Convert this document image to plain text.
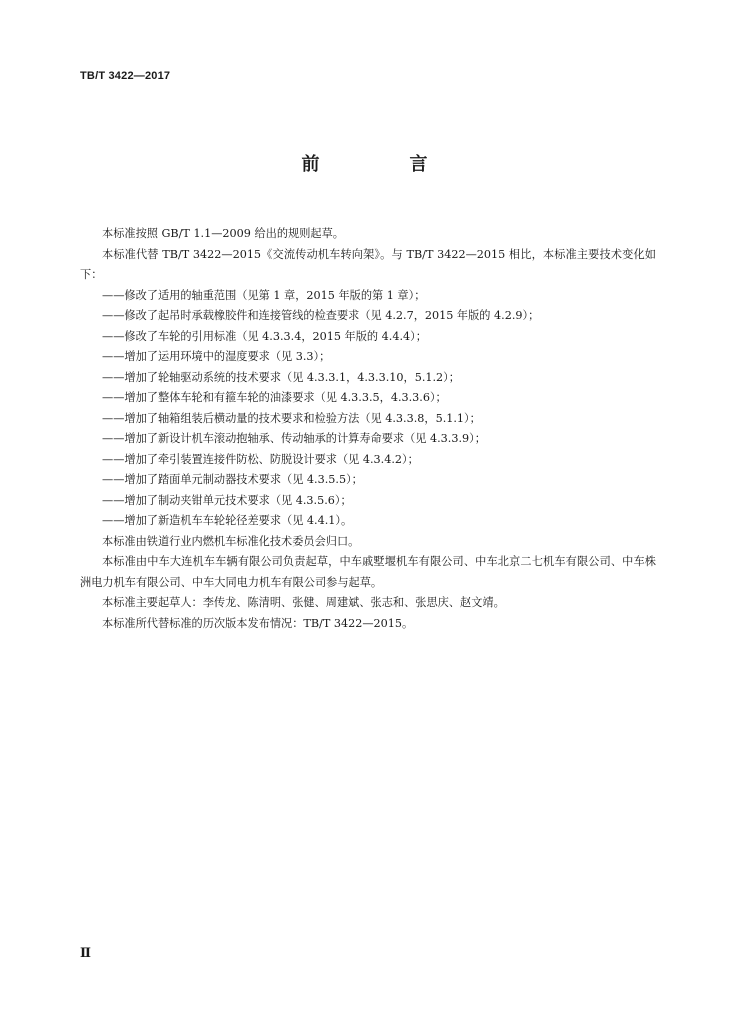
TB/T 3422—2017
前　言

本标准按照 GB/T 1.1—2009 给出的规则起草。

本标准代替 TB/T 3422—2015《交流传动机车转向架》。与 TB/T 3422—2015 相比，本标准主要技术变化如下：

——修改了适用的轴重范围（见第 1 章，2015 年版的第 1 章）；

——修改了起吊时承载橡胶件和连接管线的检查要求（见 4.2.7，2015 年版的 4.2.9）；

——修改了车轮的引用标准（见 4.3.3.4，2015 年版的 4.4.4）；

——增加了运用环境中的湿度要求（见 3.3）；

——增加了轮轴驱动系统的技术要求（见 4.3.3.1，4.3.3.10，5.1.2）；

——增加了整体车轮和有箍车轮的油漆要求（见 4.3.3.5，4.3.3.6）；

——增加了轴箱组装后横动量的技术要求和检验方法（见 4.3.3.8，5.1.1）；

——增加了新设计机车滚动抱轴承、传动轴承的计算寿命要求（见 4.3.3.9）；

——增加了牵引装置连接件防松、防脱设计要求（见 4.3.4.2）；

——增加了踏面单元制动器技术要求（见 4.3.5.5）；

——增加了制动夹钳单元技术要求（见 4.3.5.6）；

——增加了新造机车车轮轮径差要求（见 4.4.1）。

本标准由铁道行业内燃机车标准化技术委员会归口。

本标准由中车大连机车车辆有限公司负责起草，中车戚墅堰机车有限公司、中车北京二七机车有限公司、中车株洲电力机车有限公司、中车大同电力机车有限公司参与起草。

本标准主要起草人：李传龙、陈清明、张健、周建斌、张志和、张思庆、赵文靖。

本标准所代替标准的历次版本发布情况：TB/T 3422—2015。

Ⅱ
